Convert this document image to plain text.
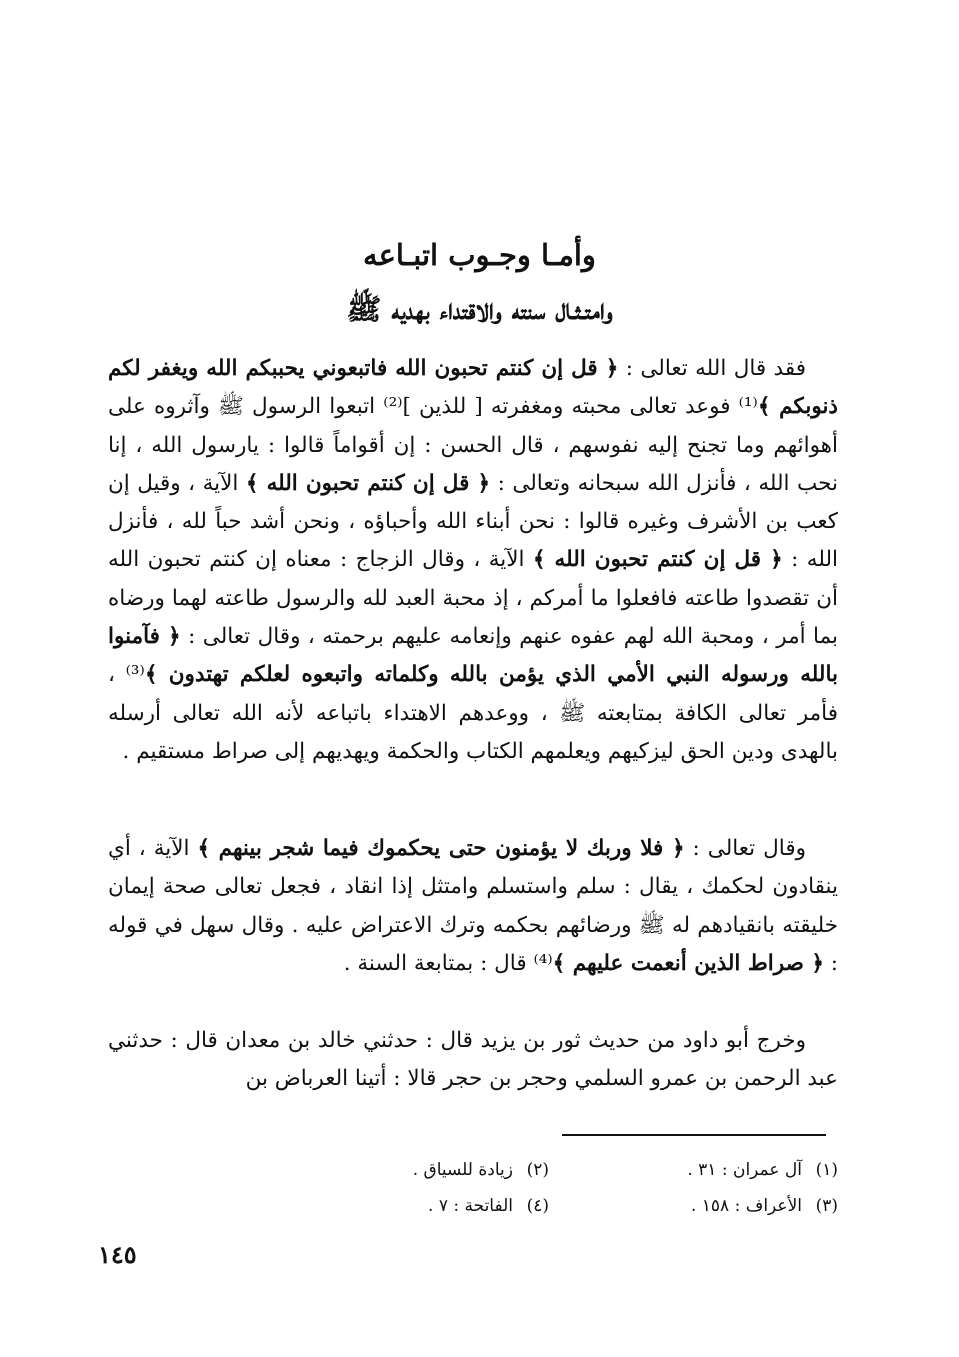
وأمـا وجـوب اتبـاعه
وامتـثـال سنته والاقتداء بهديه ﷺ

فقد قال الله تعالى : ﴿ قل إن كنتم تحبون الله فاتبعوني يحببكم الله ويغفر لكم ذنوبكم ﴾⁽¹⁾ فوعد تعالى محبته ومغفرته [ للذين ]⁽²⁾ اتبعوا الرسول ﷺ وآثروه على أهوائهم وما تجنح إليه نفوسهم ، قال الحسن : إن أقواماً قالوا : يارسول الله ، إنا نحب الله ، فأنزل الله سبحانه وتعالى : ﴿ قل إن كنتم تحبون الله ﴾ الآية ، وقيل إن كعب بن الأشرف وغيره قالوا : نحن أبناء الله وأحباؤه ، ونحن أشد حباً لله ، فأنزل الله : ﴿ قل إن كنتم تحبون الله ﴾ الآية ، وقال الزجاج : معناه إن كنتم تحبون الله أن تقصدوا طاعته فافعلوا ما أمركم ، إذ محبة العبد لله والرسول طاعته لهما ورضاه بما أمر ، ومحبة الله لهم عفوه عنهم وإنعامه عليهم برحمته ، وقال تعالى : ﴿ فآمنوا بالله ورسوله النبي الأمي الذي يؤمن بالله وكلماته واتبعوه لعلكم تهتدون ﴾⁽³⁾ ، فأمر تعالى الكافة بمتابعته ﷺ ، ووعدهم الاهتداء باتباعه لأنه الله تعالى أرسله بالهدى ودين الحق ليزكيهم ويعلمهم الكتاب والحكمة ويهديهم إلى صراط مستقيم .

وقال تعالى : ﴿ فلا وربك لا يؤمنون حتى يحكموك فيما شجر بينهم ﴾ الآية ، أي ينقادون لحكمك ، يقال : سلم واستسلم وامتثل إذا انقاد ، فجعل تعالى صحة إيمان خليقته بانقيادهم له ﷺ ورضائهم بحكمه وترك الاعتراض عليه . وقال سهل في قوله : ﴿ صراط الذين أنعمت عليهم ﴾⁽⁴⁾ قال : بمتابعة السنة .

وخرج أبو داود من حديث ثور بن يزيد قال : حدثني خالد بن معدان قال : حدثني عبد الرحمن بن عمرو السلمي وحجر بن حجر قالا : أتينا العرباض بن

(١)آل عمران : ٣١ .
(٢)زيادة للسياق .
(٣)الأعراف : ١٥٨ .
(٤)الفاتحة : ٧ .
١٤٥
